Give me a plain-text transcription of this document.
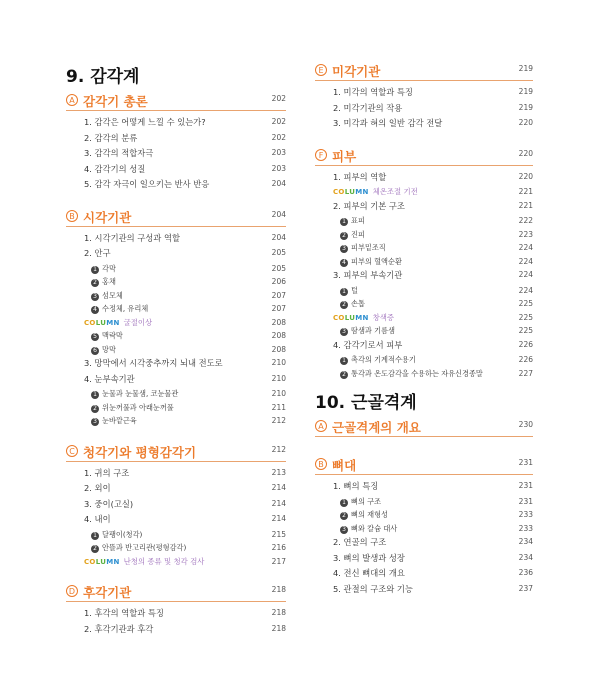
9. 감각계
A 감각기 총론	202
1. 감각은 어떻게 느낄 수 있는가?	202
2. 감각의 분류	202
3. 감각의 적합자극	203
4. 감각기의 성질	203
5. 감각 자극이 일으키는 반사 반응	204
B 시각기관	204
1. 시각기관의 구성과 역할	204
2. 안구	205
1 각막	205
2 홍채	206
3 섬모체	207
4 수정체, 유리체	207
COLUMN 굴절이상	208
5 맥락막	208
6 망막	208
3. 망막에서 시각중추까지 뇌내 전도로	210
4. 눈부속기관	210
1 눈물과 눈물샘, 코눈물관	210
2 위눈꺼풀과 아래눈꺼풀	211
3 눈바깥근육	212
C 청각기와 평형감각기	212
1. 귀의 구조	213
2. 외이	214
3. 중이(고실)	214
4. 내이	214
1 달팽이(청각)	215
2 안뜰과 반고리관(평형감각)	216
COLUMN 난청의 종류 및 청각 검사	217
D 후각기관	218
1. 후각의 역할과 특징	218
2. 후각기관과 후각	218
E 미각기관	219
1. 미각의 역할과 특징	219
2. 미각기관의 작용	219
3. 미각과 혀의 일반 감각 전달	220
F 피부	220
1. 피부의 역할	220
COLUMN 체온조절 기전	221
2. 피부의 기본 구조	221
1 표피	222
2 진피	223
3 피부밑조직	224
4 피부의 혈액순환	224
3. 피부의 부속기관	224
1 털	224
2 손톱	225
COLUMN 창색증	225
3 땀샘과 기름샘	225
4. 감각기로서 피부	226
1 촉각의 기계적수용기	226
2 통각과 온도감각을 수용하는 자유신경종말	227
10. 근골격계
A 근골격계의 개요	230
B 뼈대	231
1. 뼈의 특징	231
1 뼈의 구조	231
2 뼈의 재형성	233
3 뼈와 칼슘 대사	233
2. 연골의 구조	234
3. 뼈의 발생과 성장	234
4. 전신 뼈대의 개요	236
5. 관절의 구조와 기능	237
